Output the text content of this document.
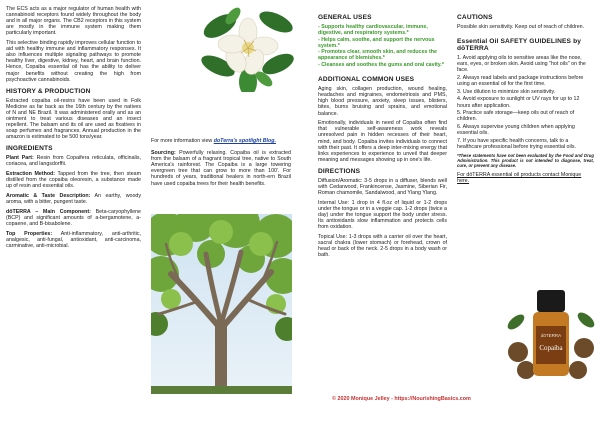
The ECS acts as a major regulator of human health with cannabinoid receptors found widely throughout the body and in all major organs. The CB2 receptors in this system are mostly in the immune system making them particularly important.

This selective binding rapidly improves cellular function to aid with healthy immune and inflammatory responses. It also influences multiple signaling pathways to promote healthy liver, digestive, kidney, heart, and brain function. Hence, Copaiba essential oil has the ability to deliver major benefits without creating the high from psychoactive cannabinoids.

HISTORY & PRODUCTION

Extracted copaiba oil-resins have been used in Folk Medicine as far back as the 16th century by the natives of N and NE Brazil. It was administered orally and as an ointment to treat various diseases and an insect repellent. The balsam and its oil are used as fixatives in soap perfumes and fragrances. Annual production in the amazon is estimated to be 500 tons/year.

INGREDIENTS

Plant Part: Resin from Copaifera reticulata, officinalis, coriacea, and langsdorffii.

Extraction Method: Tapped from the tree, then steam distilled from the copaiba oleoresin, a substance made up of resin and essential oils.

Aromatic & Taste Description: An earthy, woody aroma, with a bitter, pungent taste.

dōTERRA – Main Component: Beta-caryophyllene (BCP) and significant amounts of a-bergamotene, a-copaene, and B-bisabolene.

Top Properties: Anti-inflammatory, anti-arthritic, analgesic, anti-fungal, antioxidant, anti-carcinoma, carminative, anti-microbial.

For more information view doTerra's spotlight Blog.

Sourcing: Powerfully relaxing. Copaiba oil is extracted from the balsam of a fragrant tropical tree, native to South America's rainforest. The Copaiba is a large towering evergreen tree that can grow to more than 100'. For hundreds of years, traditional healers in north-ern Brazil have used copaiba trees for their health benefits.

GENERAL USES

- Supports healthy cardiovascular, immune, digestive, and respiratory systems.*

- Helps calm, soothe, and support the nervous system.*

- Promotes clear, smooth skin, and reduces the appearance of blemishes.*

- Cleanses and soothes the gums and oral cavity.*

ADDITIONAL COMMON USES

Aging skin, collagen production, wound healing, headaches and migraines, endometriosis and PMS, high blood pressure, anxiety, sleep issues, blisters, bites, burns bruising and sprains, and emotional balance.

Emotionally, individuals in need of Copaiba often find that vulnerable self-awareness work reveals unresolved pain in hidden recesses of their heart, mind, and body. Copaiba invites individuals to connect with their past. It offers a deep inter-mixing energy that links experiences to experience to unveil that deeper meaning and messages showing up in one's life.

DIRECTIONS

Diffusion/Aromatic: 3-5 drops in a diffuser, blends well with Cedarwood, Frankincense, Jasmine, Siberian Fir, Roman chamomile, Sandalwood, and Ylang Ylang.

Internal Use: 1 drop in 4 fl.oz of liquid or 1-2 drops under the tongue or in a veggie cap. 1-2 drops (twice a day) under the tongue support the body under stress. Its antioxidants slow inflammation and protects cells from oxidation.

Topical Use: 1-3 drops with a carrier oil over the heart, sacral chakra (lower stomach) or forehead, crown of head or back of the neck. 2-5 drops in a body wash or bath.

CAUTIONS

Possible skin sensitivity. Keep out of reach of children.

Essential Oil SAFETY GUIDELINES by dōTERRA

1. Avoid applying oils to sensitive areas like the nose, ears, eyes, or broken skin. Avoid using "hot oils" on the face.

2. Always read labels and package instructions before using an essential oil for the first time.

3. Use dilution to minimize skin sensitivity.

4. Avoid exposure to sunlight or UV rays for up to 12 hours after application.

5. Practice safe storage—keep oils out of reach of children.

6. Always supervise young children when applying essential oils.

7. If you have specific health concerns, talk to a healthcare professional before trying essential oils.

*These statements have not been evaluated by the Food and Drug Administration. This product is not intended to diagnose, treat, cure, or prevent any disease.

For dōTERRA essential oil products contact Monique here.

dōTERRA
Copaiba
© 2020 Monique Jelley - https://NourishingBasics.com
